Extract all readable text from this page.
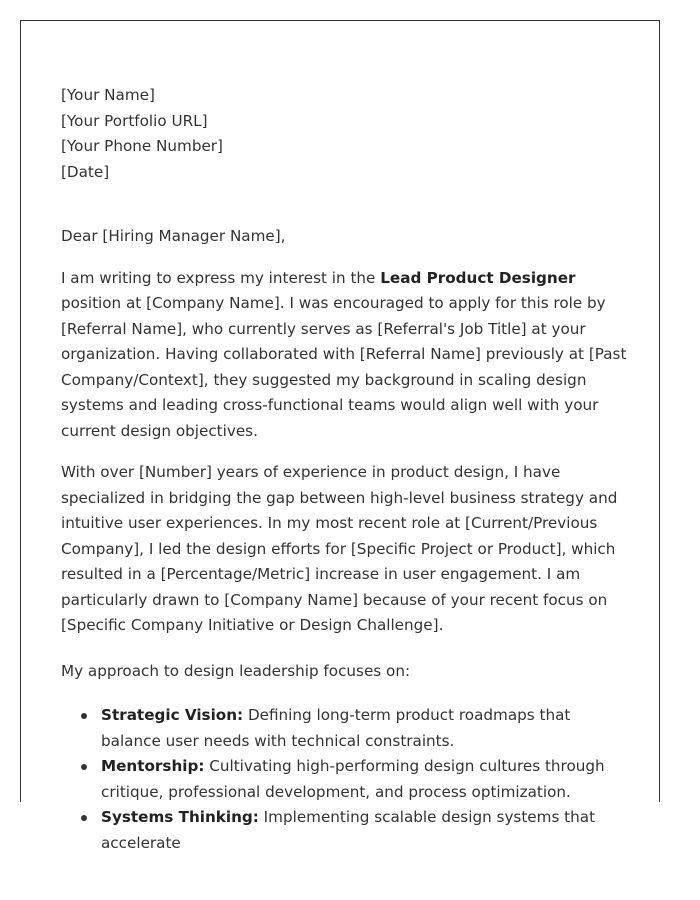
[Your Name]
[Your Portfolio URL]
[Your Phone Number]
[Date]

Dear [Hiring Manager Name],

I am writing to express my interest in the Lead Product Designer position at [Company Name]. I was encouraged to apply for this role by [Referral Name], who currently serves as [Referral's Job Title] at your organization. Having collaborated with [Referral Name] previously at [Past Company/Context], they suggested my background in scaling design systems and leading cross-functional teams would align well with your current design objectives.

With over [Number] years of experience in product design, I have specialized in bridging the gap between high-level business strategy and intuitive user experiences. In my most recent role at [Current/Previous Company], I led the design efforts for [Specific Project or Product], which resulted in a [Percentage/Metric] increase in user engagement. I am particularly drawn to [Company Name] because of your recent focus on [Specific Company Initiative or Design Challenge].

My approach to design leadership focuses on:

Strategic Vision: Defining long-term product roadmaps that balance user needs with technical constraints.
Mentorship: Cultivating high-performing design cultures through critique, professional development, and process optimization.
Systems Thinking: Implementing scalable design systems that accelerate
